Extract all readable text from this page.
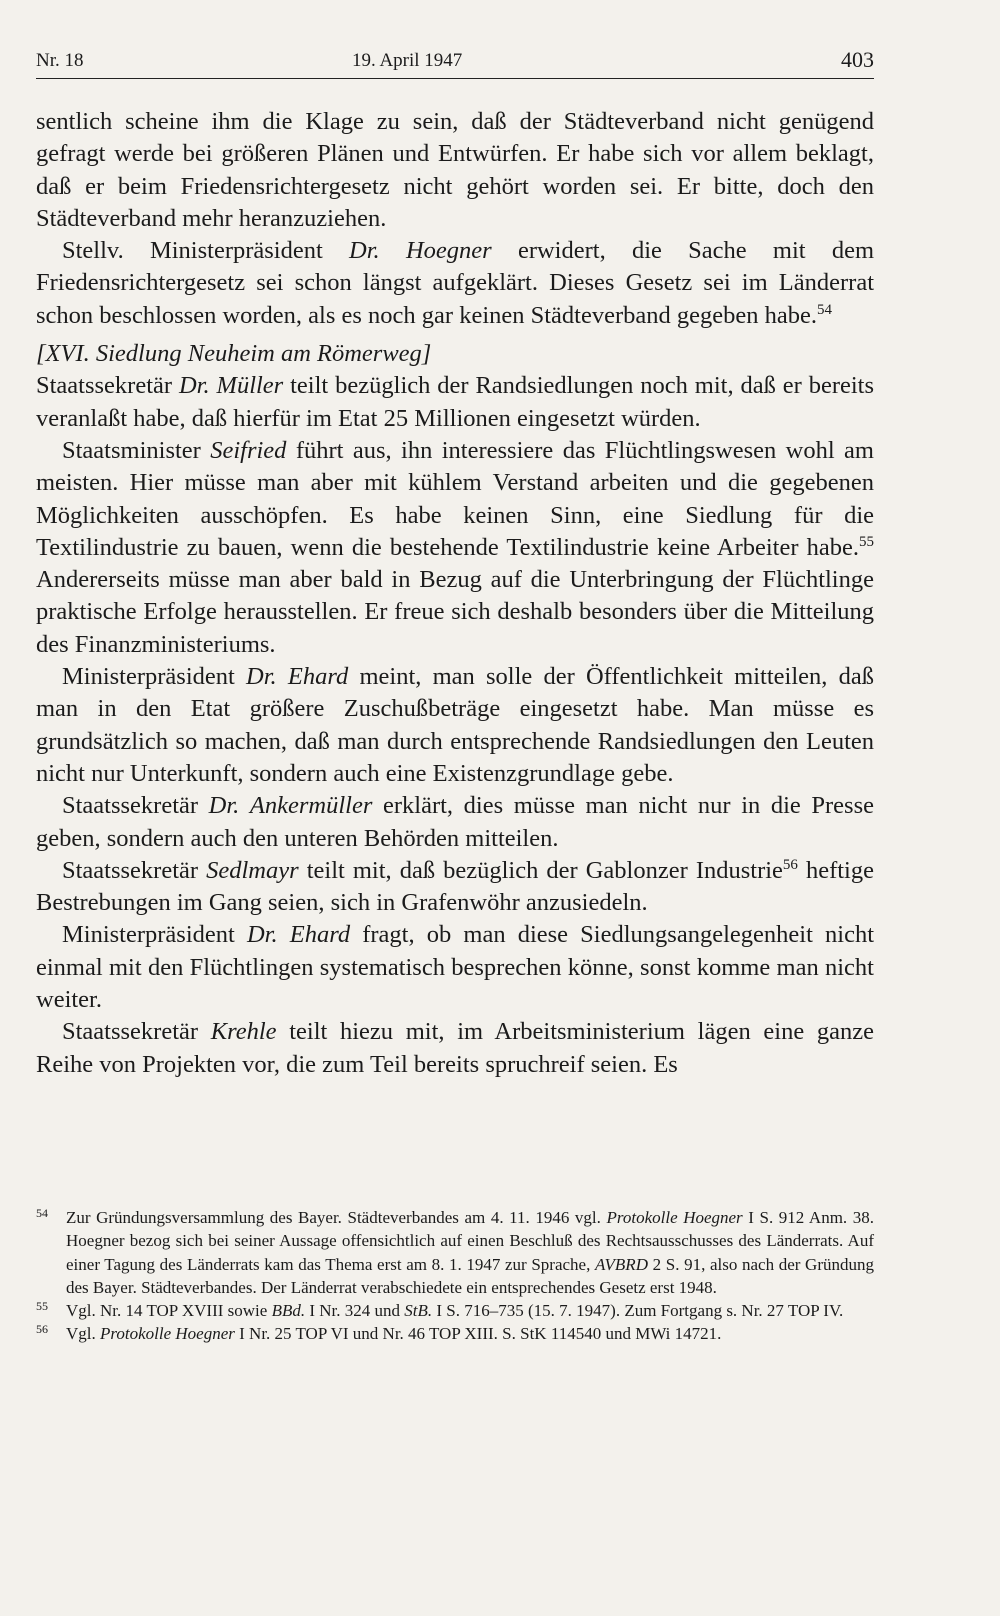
Nr. 18	19. April 1947	403

sentlich scheine ihm die Klage zu sein, daß der Städteverband nicht genügend gefragt werde bei größeren Plänen und Entwürfen. Er habe sich vor allem beklagt, daß er beim Friedensrichtergesetz nicht gehört worden sei. Er bitte, doch den Städteverband mehr heranzuziehen.

Stellv. Ministerpräsident Dr. Hoegner erwidert, die Sache mit dem Friedensrichtergesetz sei schon längst aufgeklärt. Dieses Gesetz sei im Länderrat schon beschlossen worden, als es noch gar keinen Städteverband gegeben habe.$^{54}$

[XVI. Siedlung Neuheim am Römerweg]

Staatssekretär Dr. Müller teilt bezüglich der Randsiedlungen noch mit, daß er bereits veranlaßt habe, daß hierfür im Etat 25 Millionen eingesetzt würden.

Staatsminister Seifried führt aus, ihn interessiere das Flüchtlingswesen wohl am meisten. Hier müsse man aber mit kühlem Verstand arbeiten und die gegebenen Möglichkeiten ausschöpfen. Es habe keinen Sinn, eine Siedlung für die Textilindustrie zu bauen, wenn die bestehende Textilindustrie keine Arbeiter habe.$^{55}$ Andererseits müsse man aber bald in Bezug auf die Unterbringung der Flüchtlinge praktische Erfolge herausstellen. Er freue sich deshalb besonders über die Mitteilung des Finanzministeriums.

Ministerpräsident Dr. Ehard meint, man solle der Öffentlichkeit mitteilen, daß man in den Etat größere Zuschußbeträge eingesetzt habe. Man müsse es grundsätzlich so machen, daß man durch entsprechende Randsiedlungen den Leuten nicht nur Unterkunft, sondern auch eine Existenzgrundlage gebe.

Staatssekretär Dr. Ankermüller erklärt, dies müsse man nicht nur in die Presse geben, sondern auch den unteren Behörden mitteilen.

Staatssekretär Sedlmayr teilt mit, daß bezüglich der Gablonzer Industrie$^{56}$ heftige Bestrebungen im Gang seien, sich in Grafenwöhr anzusiedeln.

Ministerpräsident Dr. Ehard fragt, ob man diese Siedlungsangelegenheit nicht einmal mit den Flüchtlingen systematisch besprechen könne, sonst komme man nicht weiter.

Staatssekretär Krehle teilt hiezu mit, im Arbeitsministerium lägen eine ganze Reihe von Projekten vor, die zum Teil bereits spruchreif seien. Es

54 Zur Gründungsversammlung des Bayer. Städteverbandes am 4. 11. 1946 vgl. Protokolle Hoegner I S. 912 Anm. 38. Hoegner bezog sich bei seiner Aussage offensichtlich auf einen Beschluß des Rechtsausschusses des Länderrats. Auf einer Tagung des Länderrats kam das Thema erst am 8. 1. 1947 zur Sprache, AVBRD 2 S. 91, also nach der Gründung des Bayer. Städteverbandes. Der Länderrat verabschiedete ein entsprechendes Gesetz erst 1948.

55 Vgl. Nr. 14 TOP XVIII sowie BBd. I Nr. 324 und StB. I S. 716–735 (15. 7. 1947). Zum Fortgang s. Nr. 27 TOP IV.

56 Vgl. Protokolle Hoegner I Nr. 25 TOP VI und Nr. 46 TOP XIII. S. StK 114540 und MWi 14721.
